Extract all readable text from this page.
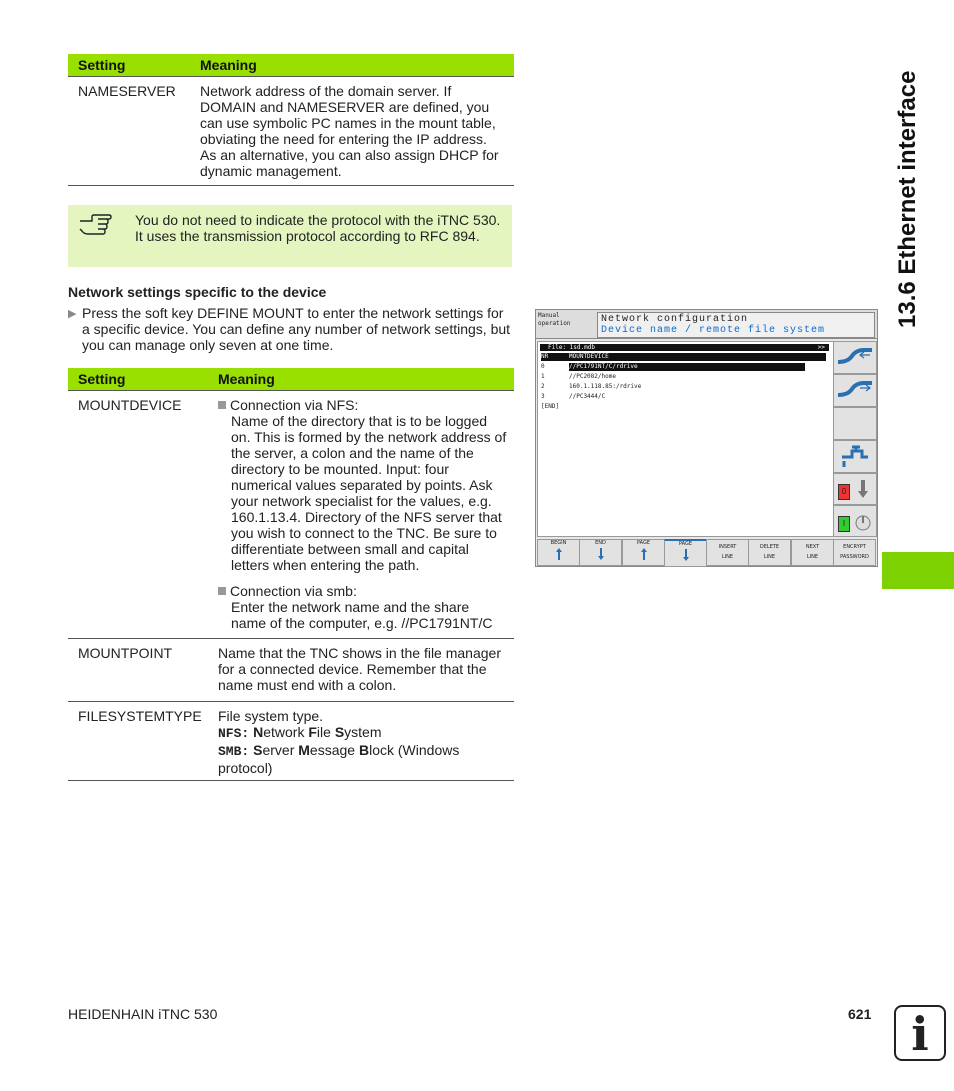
13.6 Ethernet interface
Setting	Meaning
NAMESERVER Network address of the domain server. If DOMAIN and NAMESERVER are defined, you can use symbolic PC names in the mount table, obviating the need for entering the IP address. As an alternative, you can also assign DHCP for dynamic management.
You do not need to indicate the protocol with the iTNC 530. It uses the transmission protocol according to RFC 894.
Network settings specific to the device
▶ Press the soft key DEFINE MOUNT to enter the network settings for a specific device. You can define any number of network settings, but you can manage only seven at one time.
Setting	Meaning
MOUNTDEVICE	Connection via NFS:
Name of the directory that is to be logged on. This is formed by the network address of the server, a colon and the name of the directory to be mounted. Input: four numerical values separated by points. Ask your network specialist for the values, e.g. 160.1.13.4. Directory of the NFS server that you wish to connect to the TNC. Be sure to differentiate between small and capital letters when entering the path.
Connection via smb:
Enter the network name and the share name of the computer, e.g. //PC1791NT/C
MOUNTPOINT	Name that the TNC shows in the file manager for a connected device. Remember that the name must end with a colon.
FILESYSTEMTYPE File system type.
NFS: Network File System
SMB: Server Message Block (Windows protocol)
Manual
operation	Network configuration
Device name / remote file system
File: 1sd.mdb	>>
NR	MOUNTDEVICE
0	//PC1791NT/C/rdrive
1	//PC2082/home
2	160.1.118.85:/rdrive
3	//PC3444/C
[END]
0
I
BEGIN	END	PAGE	PAGE	INSERT
LINE
DELETE
LINE
NEXT
LINE
ENCRYPT
PASSWORD
HEIDENHAIN iTNC 530	621 i
